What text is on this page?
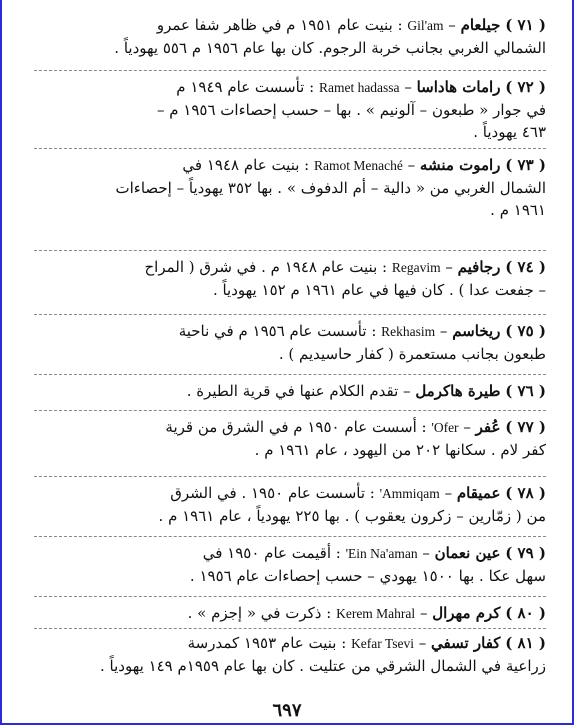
( ٧١ ) جيلعام – Gil'am : بنيت عام ١٩٥١ م في ظاهر شفا عمرو
الشمالي الغربي بجانب خربة الرجوم. كان بها عام ١٩٥٦ م ٥٥٦ يهودياً .
( ٧٢ ) رامات هاداسا – Ramet hadassa : تأسست عام ١٩٤٩ م
في جوار « طبعون – آلونيم » . بها – حسب إحصاءات ١٩٥٦ م –
٤٦٣ يهودياً .
( ٧٣ ) راموت منشه – Ramot Menaché : بنيت عام ١٩٤٨ في
الشمال الغربي من « دالية – أم الدفوف » . بها ٣٥٢ يهودياً – إحصاءات
١٩٦١ م .
( ٧٤ ) رجافيم – Regavim : بنيت عام ١٩٤٨ م . في شرق ( المراح
– جفعت عدا ) . كان فيها في عام ١٩٦١ م ١٥٢ يهودياً .
( ٧٥ ) ريخاسم – Rekhasim : تأسست عام ١٩٥٦ م في ناحية
طبعون بجانب مستعمرة ( كفار حاسيديم ) .
( ٧٦ ) طيرة هاكرمل – تقدم الكلام عنها في قرية الطيرة .
( ٧٧ ) عُفر – 'Ofer : أسست عام ١٩٥٠ م في الشرق من قرية
كفر لام . سكانها ٢٠٢ من اليهود ، عام ١٩٦١ م .
( ٧٨ ) عميقام – 'Ammiqam : تأسست عام ١٩٥٠ . في الشرق
من ( زمّارين – زكرون يعقوب ) . بها ٢٢٥ يهودياً ، عام ١٩٦١ م .
( ٧٩ ) عين نعمان – 'Ein Na'aman : أقيمت عام ١٩٥٠ في
سهل عكا . بها ١٥٠٠ يهودي – حسب إحصاءات عام ١٩٥٦ .
( ٨٠ ) كرم مهرال – Kerem Mahral : ذكرت في « إجزم » .
( ٨١ ) كفار تسفي – Kefar Tsevi : بنيت عام ١٩٥٣ كمدرسة
زراعية في الشمال الشرقي من عتليت . كان بها عام ١٩٥٩م ١٤٩ يهودياً .
٦٩٧
